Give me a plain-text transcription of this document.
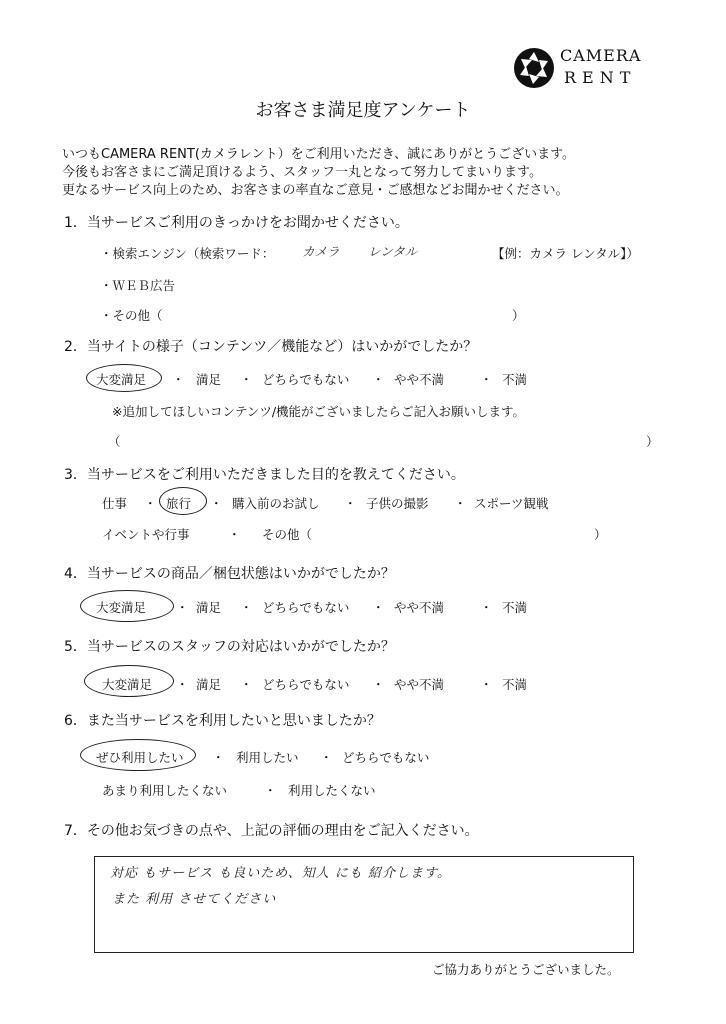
CAMERA
RENT
お客さま満足度アンケート
いつもCAMERA RENT(カメラレント）をご利用いただき、誠にありがとうございます。
今後もお客さまにご満足頂けるよう、スタッフ一丸となって努力してまいります。
更なるサービス向上のため、お客さまの率直なご意見・ご感想などお聞かせください。
1．当サービスご利用のきっかけをお聞かせください。
・検索エンジン（検索ワード： カメラ レンタル	【例：カメラ レンタル】）
・ＷＥＢ広告
・その他（	）
2．当サイトの様子（コンテンツ／機能など）はいかがでしたか？
大変満足 ・ 満足 ・ どちらでもない ・ やや不満	・ 不満
※追加してほしいコンテンツ/機能がございましたらご記入お願いします。
（	）
3．当サービスをご利用いただきました目的を教えてください。
仕事 ・ 旅行 ・ 購入前のお試し ・ 子供の撮影 ・ スポーツ観戦
イベントや行事	・ その他（	）
4．当サービスの商品／梱包状態はいかがでしたか？
大変満足 ・ 満足 ・ どちらでもない ・ やや不満	・ 不満
5．当サービスのスタッフの対応はいかがでしたか？
大変満足 ・ 満足 ・ どちらでもない ・ やや不満	・ 不満
6．また当サービスを利用したいと思いましたか？
ぜひ利用したい ・ 利用したい ・ どちらでもない
あまり利用したくない	・ 利用したくない
7．その他お気づきの点や、上記の評価の理由をご記入ください。
対応 もサービス も良いため、知人 にも 紹介します。
また 利用 させてください
ご協力ありがとうございました。
